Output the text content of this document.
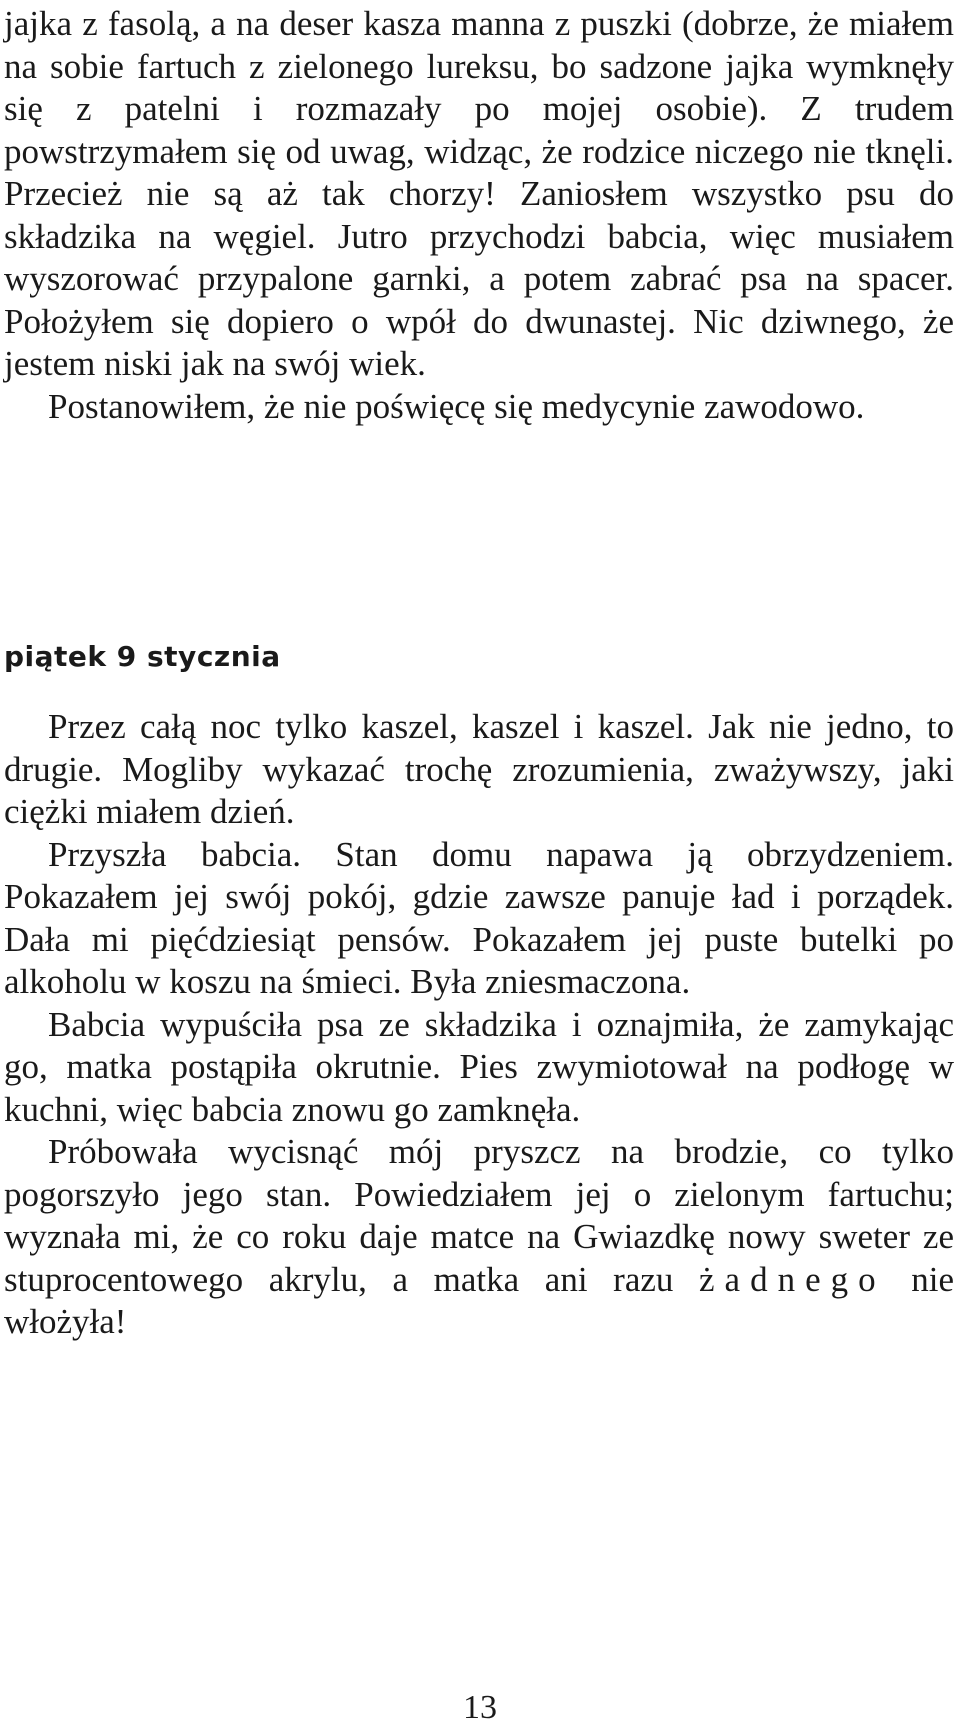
jajka z fasolą, a na deser kasza manna z puszki (dobrze, że miałem na sobie fartuch z zielonego lureksu, bo sadzone jajka wymknęły się z patelni i rozmazały po mojej osobie). Z trudem powstrzymałem się od uwag, widząc, że rodzice niczego nie tknęli. Przecież nie są aż tak chorzy! Zaniosłem wszystko psu do składzika na węgiel. Jutro przychodzi babcia, więc musiałem wyszorować przypalone garnki, a potem zabrać psa na spacer. Położyłem się dopiero o wpół do dwunastej. Nic dziwnego, że jestem niski jak na swój wiek.

Postanowiłem, że nie poświęcę się medycynie zawodowo.

piątek 9 stycznia

Przez całą noc tylko kaszel, kaszel i kaszel. Jak nie jedno, to drugie. Mogliby wykazać trochę zrozumienia, zważywszy, jaki ciężki miałem dzień.

Przyszła babcia. Stan domu napawa ją obrzydzeniem. Pokazałem jej swój pokój, gdzie zawsze panuje ład i porządek. Dała mi pięćdziesiąt pensów. Pokazałem jej puste butelki po alkoholu w koszu na śmieci. Była zniesmaczona.

Babcia wypuściła psa ze składzika i oznajmiła, że zamykając go, matka postąpiła okrutnie. Pies zwymiotował na podłogę w kuchni, więc babcia znowu go zamknęła.

Próbowała wycisnąć mój pryszcz na brodzie, co tylko pogorszyło jego stan. Powiedziałem jej o zielonym fartuchu; wyznała mi, że co roku daje matce na Gwiazdkę nowy sweter ze stuprocentowego akrylu, a matka ani razu żadnego nie włożyła!

13
